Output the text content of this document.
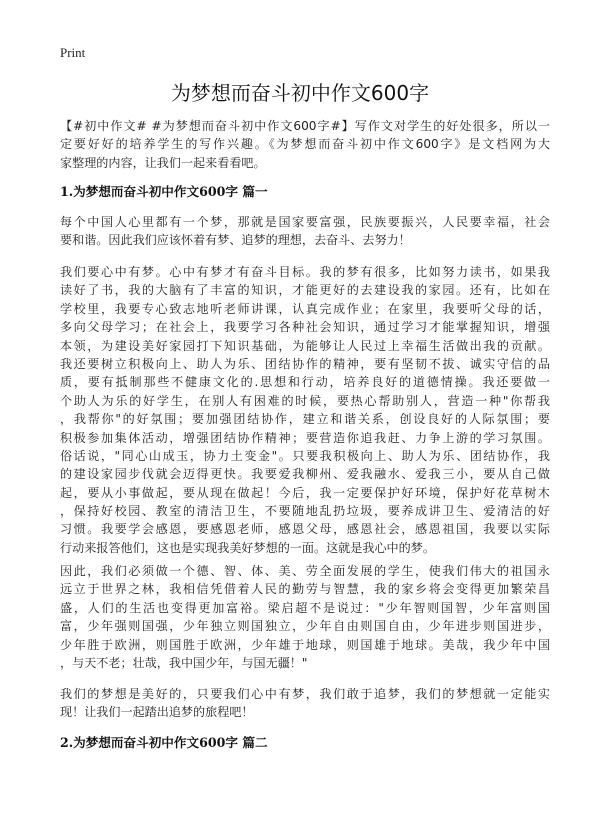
Print
为梦想而奋斗初中作文600字
【#初中作文# #为梦想而奋斗初中作文600字#】写作文对学生的好处很多，所以一
定要好好的培养学生的写作兴趣。《为梦想而奋斗初中作文600字》是文档网为大
家整理的内容，让我们一起来看看吧。
1.为梦想而奋斗初中作文600字 篇一
每个中国人心里都有一个梦，那就是国家要富强，民族要振兴，人民要幸福，社会
要和谐。因此我们应该怀着有梦、追梦的理想，去奋斗、去努力！
我们要心中有梦。心中有梦才有奋斗目标。我的梦有很多，比如努力读书，如果我
读好了书，我的大脑有了丰富的知识，才能更好的去建设我的家园。还有，比如在
学校里，我要专心致志地听老师讲课，认真完成作业；在家里，我要听父母的话，
多向父母学习；在社会上，我要学习各种社会知识，通过学习才能掌握知识，增强
本领，为建设美好家园打下知识基础，为能够让人民过上幸福生活做出我的贡献。
我还要树立积极向上、助人为乐、团结协作的精神，要有坚韧不拔、诚实守信的品
质，要有抵制那些不健康文化的.思想和行动，培养良好的道德情操。我还要做一
个助人为乐的好学生，在别人有困难的时候，要热心帮助别人，营造一种"你帮我
，我帮你"的好氛围；要加强团结协作，建立和谐关系，创设良好的人际氛围；要
积极参加集体活动，增强团结协作精神；要营造你追我赶、力争上游的学习氛围。
俗话说，"同心山成玉，协力土变金"。只要我积极向上、助人为乐、团结协作，我
的建设家园步伐就会迈得更快。我要爱我柳州、爱我融水、爱我三小，要从自己做
起，要从小事做起，要从现在做起！今后，我一定要保护好环境，保护好花草树木
，保持好校园、教室的清洁卫生，不要随地乱扔垃圾，要养成讲卫生、爱清洁的好
习惯。我要学会感恩，要感恩老师，感恩父母，感恩社会，感恩祖国，我要以实际
行动来报答他们，这也是实现我美好梦想的一面。这就是我心中的梦。
因此，我们必须做一个德、智、体、美、劳全面发展的学生，使我们伟大的祖国永
远立于世界之林，我相信凭借着人民的勤劳与智慧，我的家乡将会变得更加繁荣昌
盛，人们的生活也变得更加富裕。梁启超不是说过："少年智则国智，少年富则国
富，少年强则国强，少年独立则国独立，少年自由则国自由，少年进步则国进步，
少年胜于欧洲，则国胜于欧洲，少年雄于地球，则国雄于地球。美哉，我少年中国
，与天不老；壮哉，我中国少年，与国无疆！"
我们的梦想是美好的，只要我们心中有梦，我们敢于追梦，我们的梦想就一定能实
现！让我们一起踏出追梦的旅程吧！
2.为梦想而奋斗初中作文600字 篇二
